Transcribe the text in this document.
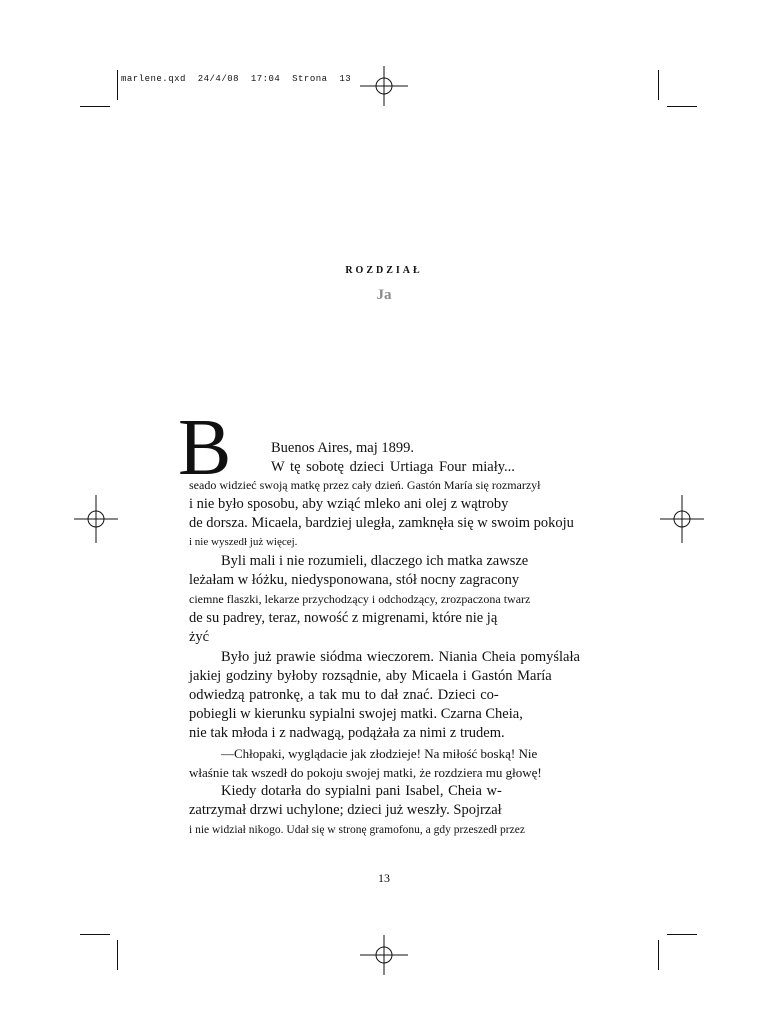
marlene.qxd  24/4/08  17:04  Strona  13
ROZDZIAŁ
Ja
B	Buenos Aires, maj 1899.
W tę sobotę dzieci Urtiaga Four miały...
seado widzieć swoją matkę przez cały dzień. Gastón María się rozmarzył
i nie było sposobu, aby wziąć mleko ani olej z wątroby
de dorsza. Micaela, bardziej uległa, zamknęła się w swoim pokoju
i nie wyszedł już więcej.
Byli mali i nie rozumieli, dlaczego ich matka zawsze
leżałam w łóżku, niedysponowana, stół nocny zagracony
ciemne flaszki, lekarze przychodzący i odchodzący, zrozpaczona twarz
de su padrey, teraz, nowość z migrenami, które nie ją
żyć
Było już prawie siódma wieczorem. Niania Cheia pomyślała
jakiej godziny byłoby rozsądnie, aby Micaela i Gastón María
odwiedzą patronkę, a tak mu to dał znać. Dzieci co-
pobiegli w kierunku sypialni swojej matki. Czarna Cheia,
nie tak młoda i z nadwagą, podążała za nimi z trudem.
—Chłopaki, wyglądacie jak złodzieje! Na miłość boską! Nie
właśnie tak wszedł do pokoju swojej matki, że rozdziera mu głowę!
Kiedy dotarła do sypialni pani Isabel, Cheia w-
zatrzymał drzwi uchylone; dzieci już weszły. Spojrzał
i nie widział nikogo. Udał się w stronę gramofonu, a gdy przeszedł przez
13
